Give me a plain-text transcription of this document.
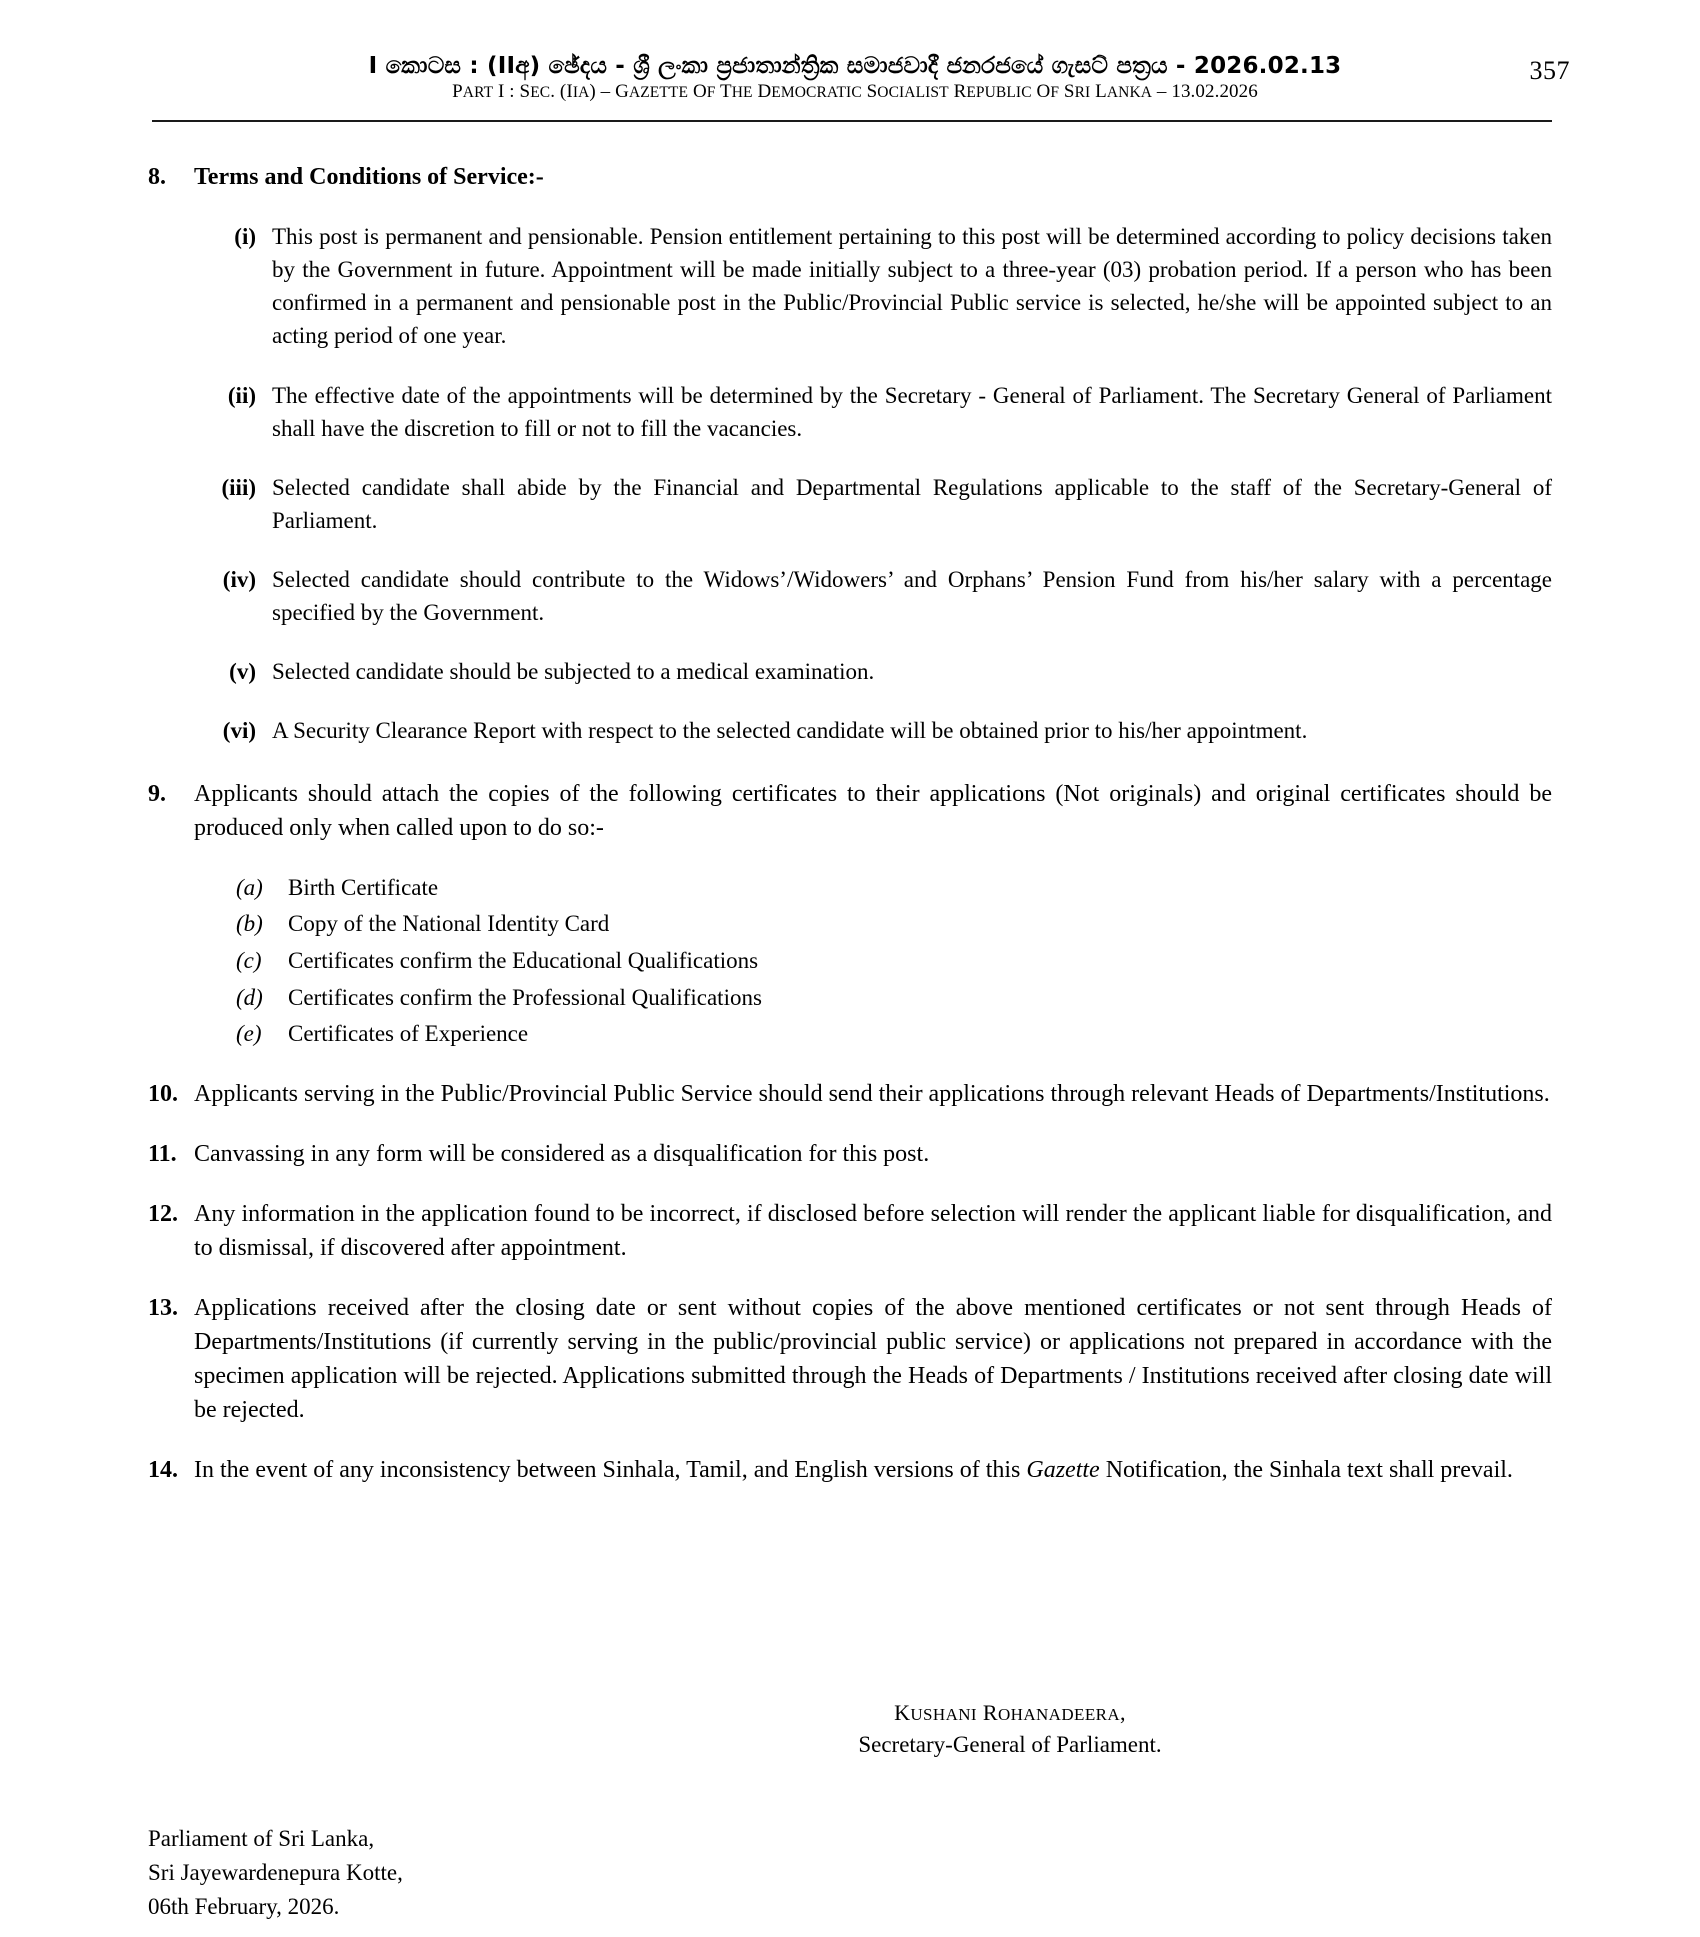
I කොටස : (IIඅ) ඡේදය - ශ්‍රී ලංකා ප්‍රජාතාන්ත්‍රික සමාජවාදී ජනරජයේ ගැසට් පත්‍රය - 2026.02.13	357
PART I : SEC. (IIA) – GAZETTE OF THE DEMOCRATIC SOCIALIST REPUBLIC OF SRI LANKA – 13.02.2026
8.	Terms and Conditions of Service:-
(i) This post is permanent and pensionable. Pension entitlement pertaining to this post will be determined according to policy decisions taken by the Government in future. Appointment will be made initially subject to a three-year (03) probation period. If a person who has been confirmed in a permanent and pensionable post in the Public/Provincial Public service is selected, he/she will be appointed subject to an acting period of one year.
(ii) The effective date of the appointments will be determined by the Secretary - General of Parliament. The Secretary General of Parliament shall have the discretion to fill or not to fill the vacancies.
(iii) Selected candidate shall abide by the Financial and Departmental Regulations applicable to the staff of the Secretary-General of Parliament.
(iv) Selected candidate should contribute to the Widows’/Widowers’ and Orphans’ Pension Fund from his/her salary with a percentage specified by the Government.
(v) Selected candidate should be subjected to a medical examination.
(vi) A Security Clearance Report with respect to the selected candidate will be obtained prior to his/her appointment.
9.	Applicants should attach the copies of the following certificates to their applications (Not originals) and original certificates should be produced only when called upon to do so:-
(a)	Birth Certificate
(b)	Copy of the National Identity Card
(c)	Certificates confirm the Educational Qualifications
(d)	Certificates confirm the Professional Qualifications
(e)	Certificates of Experience
10. Applicants serving in the Public/Provincial Public Service should send their applications through relevant Heads of Departments/Institutions.
11. Canvassing in any form will be considered as a disqualification for this post.
12. Any information in the application found to be incorrect, if disclosed before selection will render the applicant liable for disqualification, and to dismissal, if discovered after appointment.
13. Applications received after the closing date or sent without copies of the above mentioned certificates or not sent through Heads of Departments/Institutions (if currently serving in the public/provincial public service) or applications not prepared in accordance with the specimen application will be rejected. Applications submitted through the Heads of Departments / Institutions received after closing date will be rejected.
14. In the event of any inconsistency between Sinhala, Tamil, and English versions of this Gazette Notification, the Sinhala text shall prevail.
KUSHANI ROHANADEERA,
Secretary-General of Parliament.
Parliament of Sri Lanka,
Sri Jayewardenepura Kotte,
06th February, 2026.
